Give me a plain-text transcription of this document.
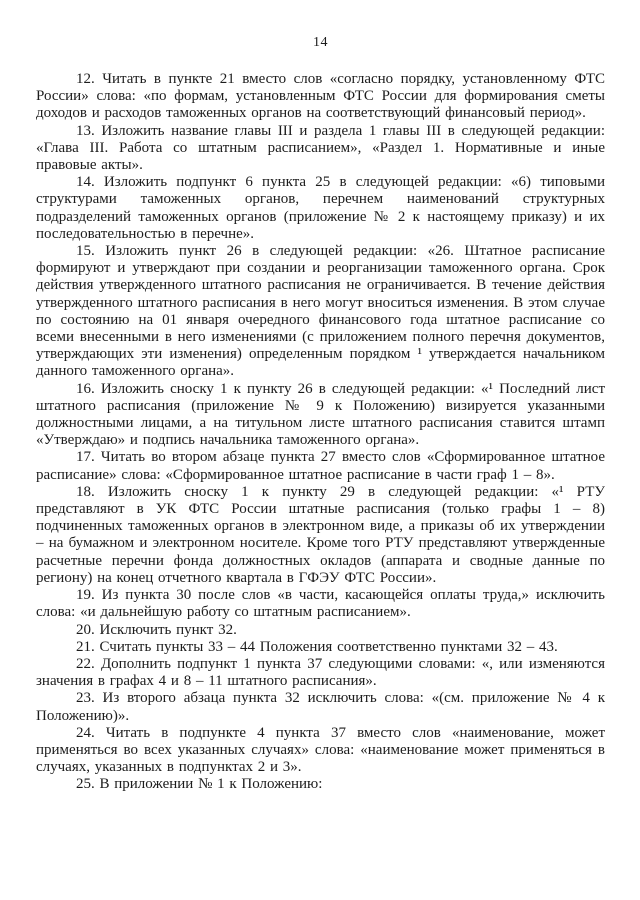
14

12. Читать в пункте 21 вместо слов «согласно порядку, установленному ФТС России» слова: «по формам, установленным ФТС России для формирования сметы доходов и расходов таможенных органов на соответствующий финансовый период».

13. Изложить название главы III и раздела 1 главы III в следующей редакции: «Глава III. Работа со штатным расписанием», «Раздел 1. Нормативные и иные правовые акты».

14. Изложить подпункт 6 пункта 25 в следующей редакции: «6) типовыми структурами таможенных органов, перечнем наименований структурных подразделений таможенных органов (приложение № 2 к настоящему приказу) и их последовательностью в перечне».

15. Изложить пункт 26 в следующей редакции: «26. Штатное расписание формируют и утверждают при создании и реорганизации таможенного органа. Срок действия утвержденного штатного расписания не ограничивается. В течение действия утвержденного штатного расписания в него могут вноситься изменения. В этом случае по состоянию на 01 января очередного финансового года штатное расписание со всеми внесенными в него изменениями (с приложением полного перечня документов, утверждающих эти изменения) определенным порядком ¹ утверждается начальником данного таможенного органа».

16. Изложить сноску 1 к пункту 26 в следующей редакции: «¹ Последний лист штатного расписания (приложение № 9 к Положению) визируется указанными должностными лицами, а на титульном листе штатного расписания ставится штамп «Утверждаю» и подпись начальника таможенного органа».

17. Читать во втором абзаце пункта 27 вместо слов «Сформированное штатное расписание» слова: «Сформированное штатное расписание в части граф 1 – 8».

18. Изложить сноску 1 к пункту 29 в следующей редакции: «¹ РТУ представляют в УК ФТС России штатные расписания (только графы 1 – 8) подчиненных таможенных органов в электронном виде, а приказы об их утверждении – на бумажном и электронном носителе. Кроме того РТУ представляют утвержденные расчетные перечни фонда должностных окладов (аппарата и сводные данные по региону) на конец отчетного квартала в ГФЭУ ФТС России».

19. Из пункта 30 после слов «в части, касающейся оплаты труда,» исключить слова: «и дальнейшую работу со штатным расписанием».

20. Исключить пункт 32.

21. Считать пункты 33 – 44 Положения соответственно пунктами 32 – 43.

22. Дополнить подпункт 1 пункта 37 следующими словами: «, или изменяются значения в графах 4 и 8 – 11 штатного расписания».

23. Из второго абзаца пункта 32 исключить слова: «(см. приложение № 4 к Положению)».

24. Читать в подпункте 4 пункта 37 вместо слов «наименование, может применяться во всех указанных случаях» слова: «наименование может применяться в случаях, указанных в подпунктах 2 и 3».

25. В приложении № 1 к Положению:
